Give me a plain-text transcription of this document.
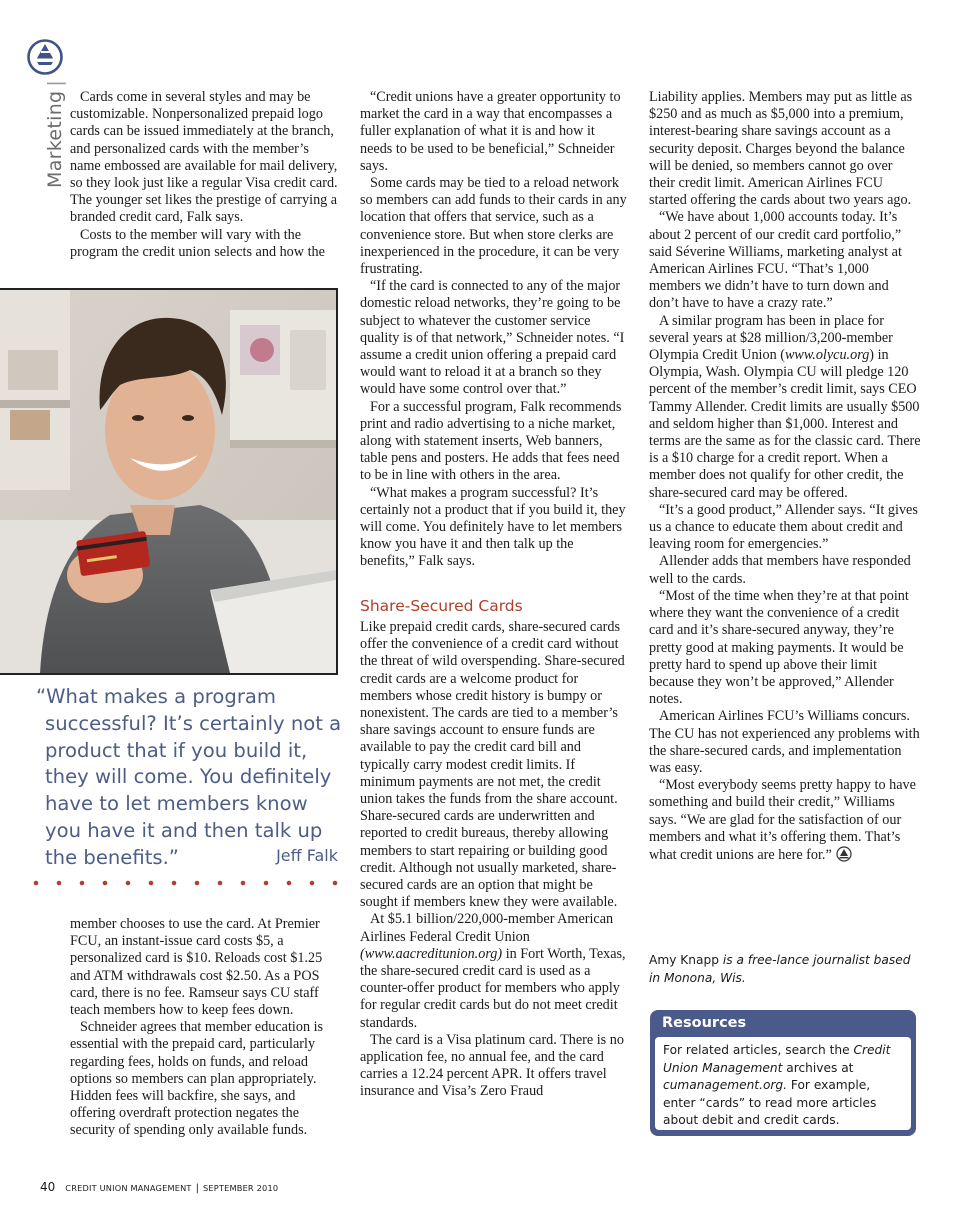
Marketing|

Cards come in several styles and may be customizable. Nonpersonalized prepaid logo cards can be issued immediately at the branch, and personalized cards with the member’s name embossed are available for mail delivery, so they look just like a regular Visa credit card. The younger set likes the prestige of carrying a branded credit card, Falk says.

Costs to the member will vary with the program the credit union selects and how the

“What makes a program successful? It’s certainly not a product that if you build it, they will come. You definitely have to let members know you have it and then talk up the benefits.”	Jeff Falk

member chooses to use the card. At Premier FCU, an instant-issue card costs $5, a personalized card is $10. Reloads cost $1.25 and ATM withdrawals cost $2.50. As a POS card, there is no fee. Ramseur says CU staff teach members how to keep fees down.

Schneider agrees that member education is essential with the prepaid card, particularly regarding fees, holds on funds, and reload options so members can plan appropriately. Hidden fees will backfire, she says, and offering overdraft protection negates the security of spending only available funds.

“Credit unions have a greater opportunity to market the card in a way that encompasses a fuller explanation of what it is and how it needs to be used to be beneficial,” Schneider says.

Some cards may be tied to a reload network so members can add funds to their cards in any location that offers that service, such as a convenience store. But when store clerks are inexperienced in the procedure, it can be very frustrating.

“If the card is connected to any of the major domestic reload networks, they’re going to be subject to whatever the customer service quality is of that network,” Schneider notes. “I assume a credit union offering a prepaid card would want to reload it at a branch so they would have some control over that.”

For a successful program, Falk recommends print and radio advertising to a niche market, along with statement inserts, Web banners, table pens and posters. He adds that fees need to be in line with others in the area.

“What makes a program successful? It’s certainly not a product that if you build it, they will come. You definitely have to let members know you have it and then talk up the benefits,” Falk says.

Share-Secured Cards

Like prepaid credit cards, share-secured cards offer the convenience of a credit card without the threat of wild overspending. Share-secured credit cards are a welcome product for members whose credit history is bumpy or nonexistent. The cards are tied to a member’s share savings account to ensure funds are available to pay the credit card bill and typically carry modest credit limits. If minimum payments are not met, the credit union takes the funds from the share account. Share-secured cards are underwritten and reported to credit bureaus, thereby allowing members to start repairing or building good credit. Although not usually marketed, share-secured cards are an option that might be sought if members knew they were available.

At $5.1 billion/220,000-member American Airlines Federal Credit Union (www.aacreditunion.org) in Fort Worth, Texas, the share-secured credit card is used as a counter-offer product for members who apply for regular credit cards but do not meet credit standards.

The card is a Visa platinum card. There is no application fee, no annual fee, and the card carries a 12.24 percent APR. It offers travel insurance and Visa’s Zero Fraud

Liability applies. Members may put as little as $250 and as much as $5,000 into a premium, interest-bearing share savings account as a security deposit. Charges beyond the balance will be denied, so members cannot go over their credit limit. American Airlines FCU started offering the cards about two years ago.

“We have about 1,000 accounts today. It’s about 2 percent of our credit card portfolio,” said Séverine Williams, marketing analyst at American Airlines FCU. “That’s 1,000 members we didn’t have to turn down and don’t have to have a crazy rate.”

A similar program has been in place for several years at $28 million/3,200-member Olympia Credit Union (www.olycu.org) in Olympia, Wash. Olympia CU will pledge 120 percent of the member’s credit limit, says CEO Tammy Allender. Credit limits are usually $500 and seldom higher than $1,000. Interest and terms are the same as for the classic card. There is a $10 charge for a credit report. When a member does not qualify for other credit, the share-secured card may be offered.

“It’s a good product,” Allender says. “It gives us a chance to educate them about credit and leaving room for emergencies.”

Allender adds that members have responded well to the cards.

“Most of the time when they’re at that point where they want the convenience of a credit card and it’s share-secured anyway, they’re pretty good at making payments. It would be pretty hard to spend up above their limit because they won’t be approved,” Allender notes.

American Airlines FCU’s Williams concurs. The CU has not experienced any problems with the share-secured cards, and implementation was easy.

“Most everybody seems pretty happy to have something and build their credit,” Williams says. “We are glad for the satisfaction of our members and what it’s offering them. That’s what credit unions are here for.”

Amy Knapp is a free-lance journalist based in Monona, Wis.
Resources
For related articles, search the Credit Union Management archives at cumanagement.org. For example, enter “cards” to read more articles about debit and credit cards.
40 CREDIT UNION MANAGEMENT | SEPTEMBER 2010
